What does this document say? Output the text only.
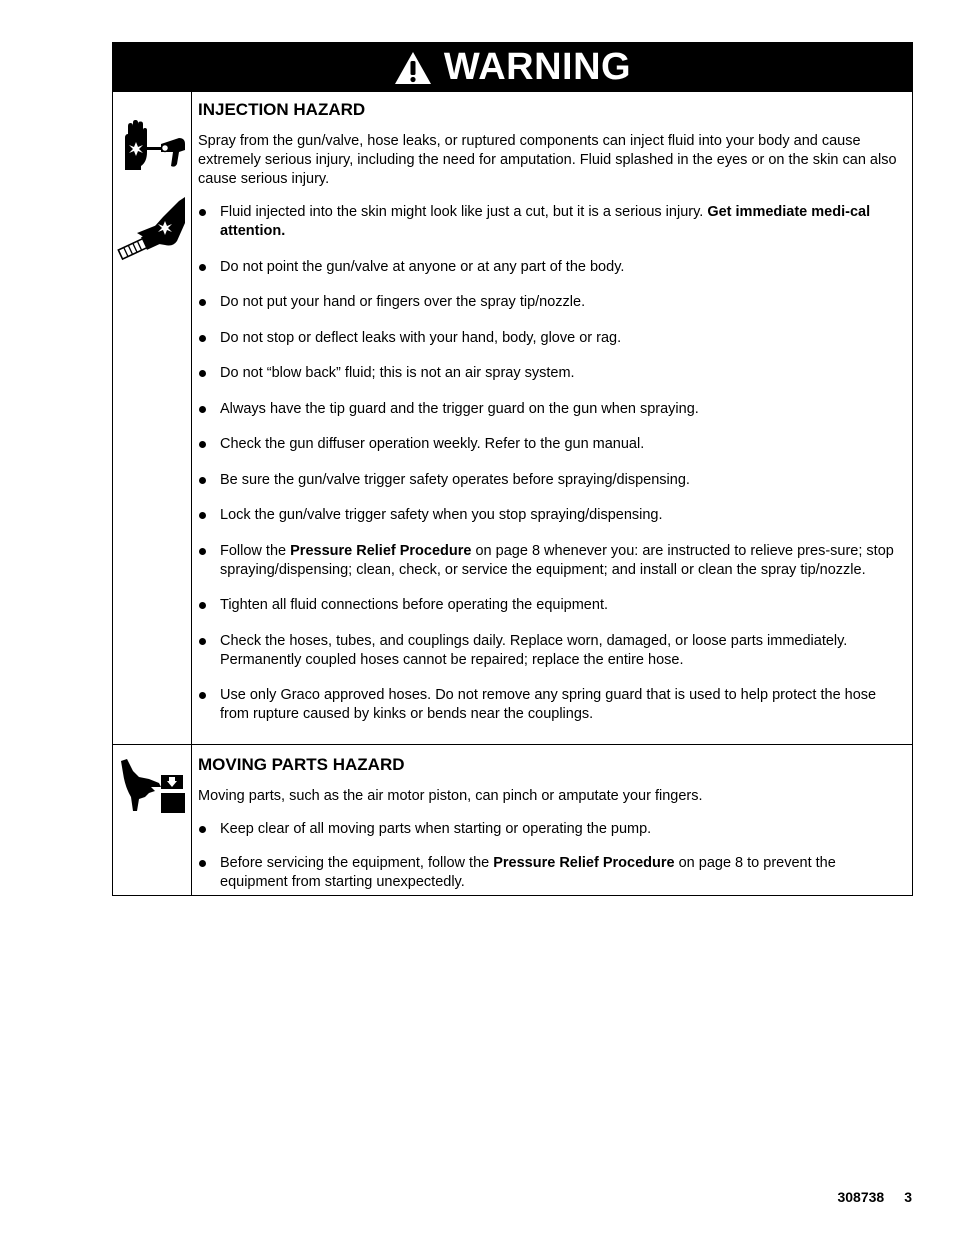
WARNING
INJECTION HAZARD

Spray from the gun/valve, hose leaks, or ruptured components can inject fluid into your body and cause extremely serious injury, including the need for amputation. Fluid splashed in the eyes or on the skin can also cause serious injury.

Fluid injected into the skin might look like just a cut, but it is a serious injury. Get immediate medi-cal attention.
Do not point the gun/valve at anyone or at any part of the body.
Do not put your hand or fingers over the spray tip/nozzle.
Do not stop or deflect leaks with your hand, body, glove or rag.
Do not “blow back” fluid; this is not an air spray system.
Always have the tip guard and the trigger guard on the gun when spraying.
Check the gun diffuser operation weekly. Refer to the gun manual.
Be sure the gun/valve trigger safety operates before spraying/dispensing.
Lock the gun/valve trigger safety when you stop spraying/dispensing.
Follow the Pressure Relief Procedure on page 8 whenever you: are instructed to relieve pres-sure; stop spraying/dispensing; clean, check, or service the equipment; and install or clean the spray tip/nozzle.
Tighten all fluid connections before operating the equipment.
Check the hoses, tubes, and couplings daily. Replace worn, damaged, or loose parts immediately. Permanently coupled hoses cannot be repaired; replace the entire hose.
Use only Graco approved hoses. Do not remove any spring guard that is used to help protect the hose from rupture caused by kinks or bends near the couplings.
MOVING PARTS HAZARD

Moving parts, such as the air motor piston, can pinch or amputate your fingers.

Keep clear of all moving parts when starting or operating the pump.
Before servicing the equipment, follow the Pressure Relief Procedure on page 8 to prevent the equipment from starting unexpectedly.
308738 3
